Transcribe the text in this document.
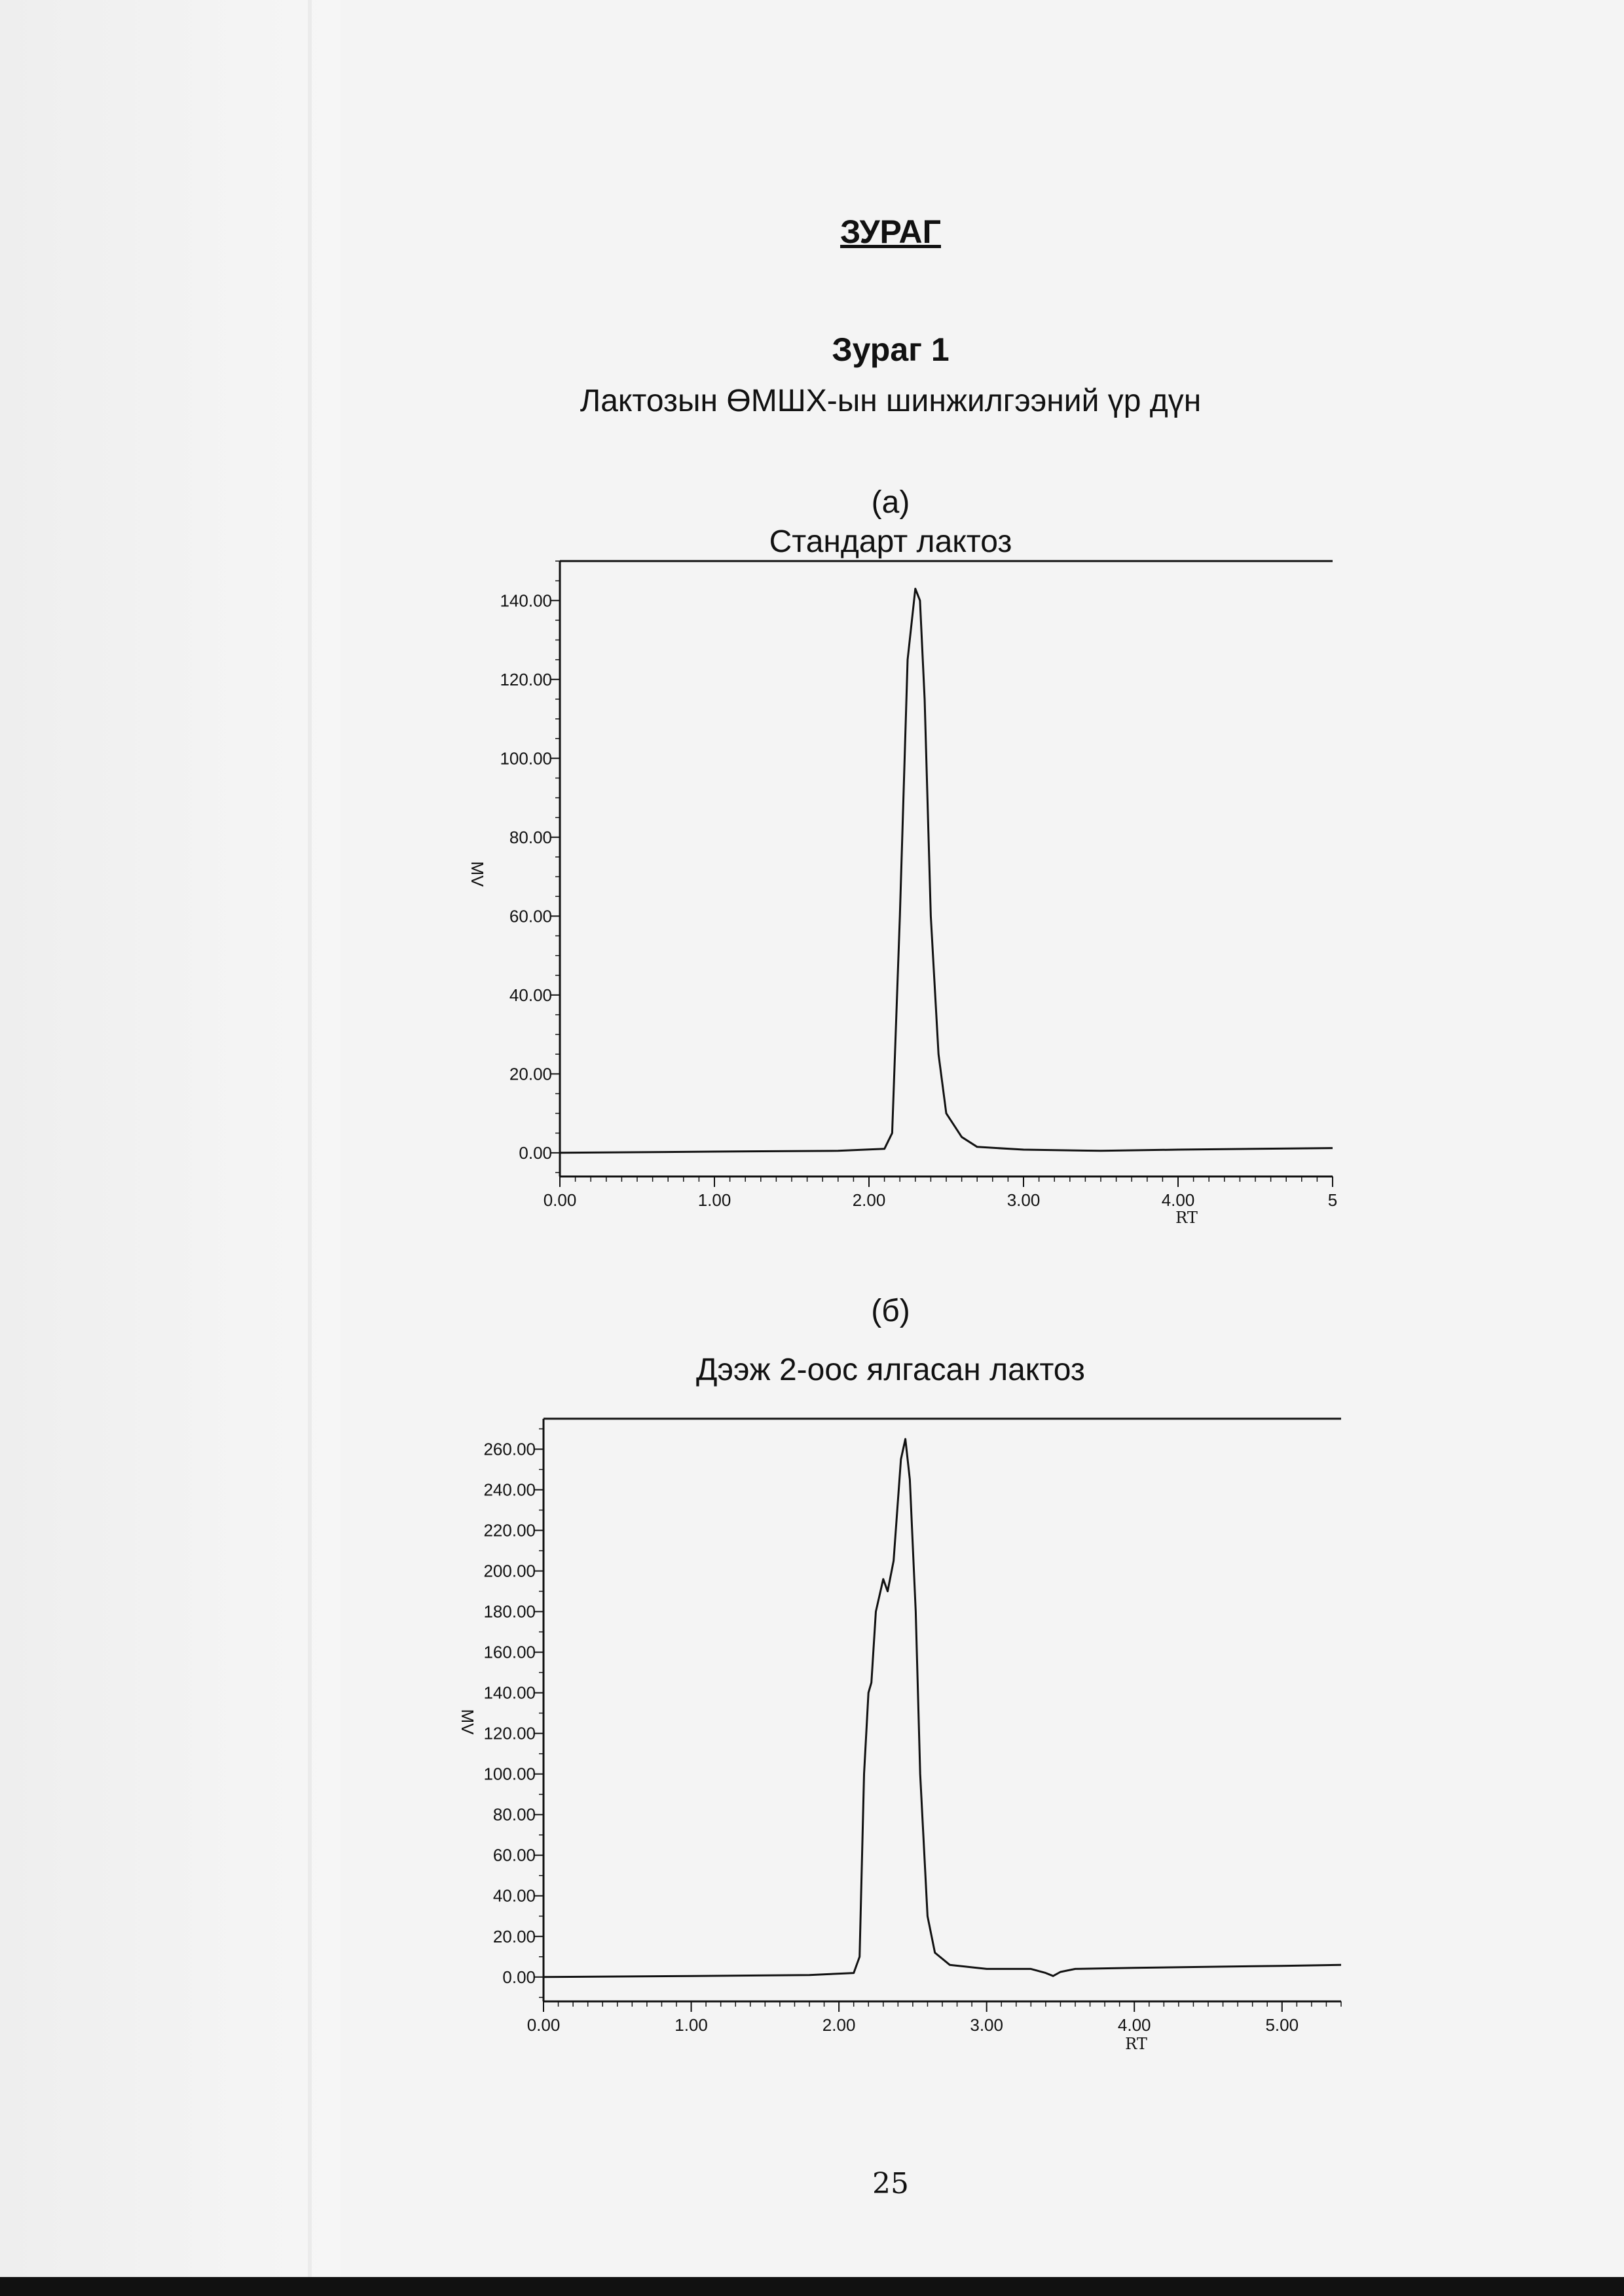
ЗУРАГ
Зураг 1
Лактозын ӨМШХ-ын шинжилгээний үр дүн
(а)
Стандарт лактоз
(б)
Дээж 2-оос ялгасан лактоз
0.00
20.00
40.00
60.00
80.00
100.00
120.00
140.00
0.00	1.00	2.00	3.00	4.00	5
RT
MV
0.00
20.00
40.00
60.00
80.00
100.00
120.00
140.00
160.00
180.00
200.00
220.00
240.00
260.00
0.00	1.00	2.00	3.00	4.00	5.00
RT
MV
25
